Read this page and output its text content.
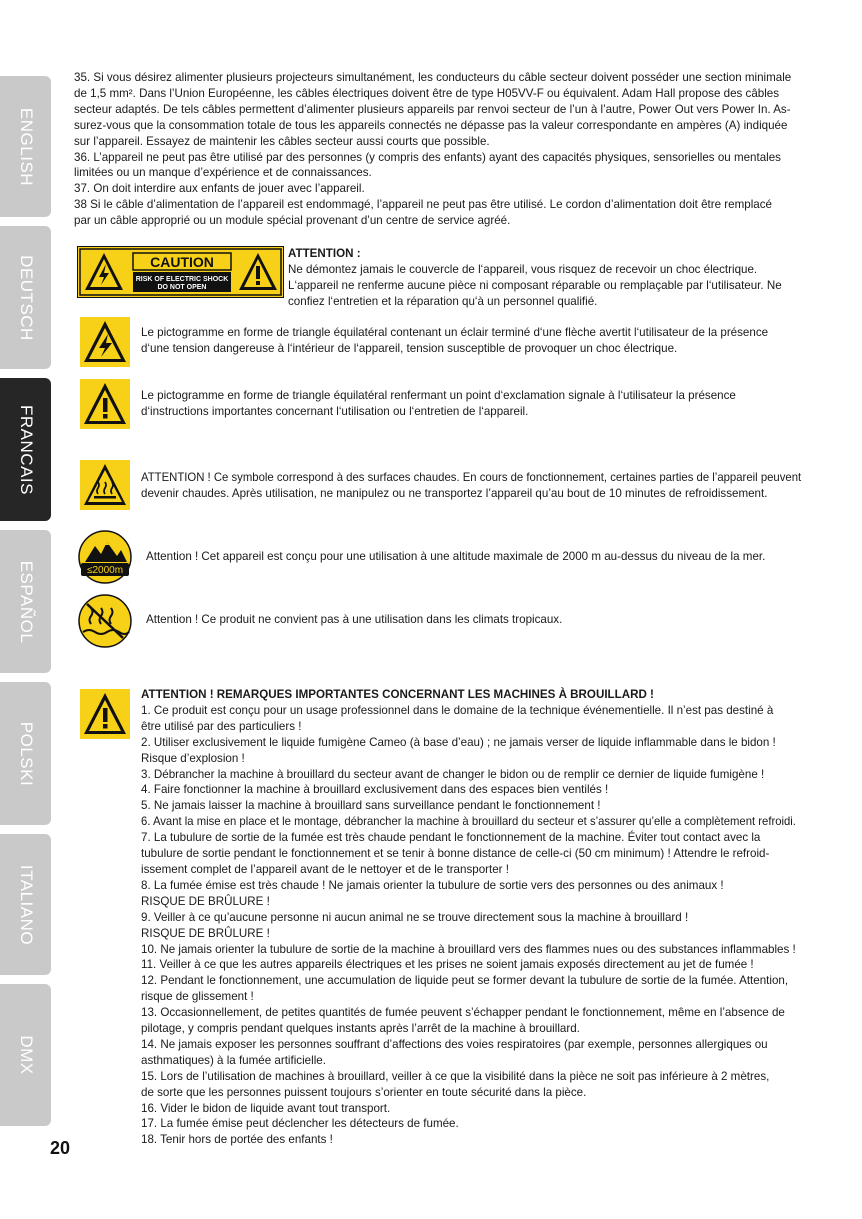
ENGLISH
DEUTSCH
FRANCAIS
ESPAÑOL
POLSKI
ITALIANO
DMX

35. Si vous désirez alimenter plusieurs projecteurs simultanément, les conducteurs du câble secteur doivent posséder une section minimale

de 1,5 mm². Dans l’Union Européenne, les câbles électriques doivent être de type H05VV-F ou équivalent. Adam Hall propose des câbles

secteur adaptés. De tels câbles permettent d’alimenter plusieurs appareils par renvoi secteur de l’un à l’autre, Power Out vers Power In. As-

surez-vous que la consommation totale de tous les appareils connectés ne dépasse pas la valeur correspondante en ampères (A) indiquée

sur l’appareil. Essayez de maintenir les câbles secteur aussi courts que possible.

36. L’appareil ne peut pas être utilisé par des personnes (y compris des enfants) ayant des capacités physiques, sensorielles ou mentales

limitées ou un manque d’expérience et de connaissances.

37. On doit interdire aux enfants de jouer avec l’appareil.

38 Si le câble d’alimentation de l’appareil est endommagé, l’appareil ne peut pas être utilisé. Le cordon d’alimentation doit être remplacé

par un câble approprié ou un module spécial provenant d’un centre de service agréé.

CAUTION
RISK OF ELECTRIC SHOCK
DO NOT OPEN
ATTENTION :
Ne démontez jamais le couvercle de l‘appareil, vous risquez de recevoir un choc électrique.
L‘appareil ne renferme aucune pièce ni composant réparable ou remplaçable par l‘utilisateur. Ne
confiez l‘entretien et la réparation qu‘à un personnel qualifié.
Le pictogramme en forme de triangle équilatéral contenant un éclair terminé d‘une flèche avertit l‘utilisateur de la présence
d‘une tension dangereuse à l‘intérieur de l‘appareil, tension susceptible de provoquer un choc électrique.
Le pictogramme en forme de triangle équilatéral renfermant un point d‘exclamation signale à l‘utilisateur la présence
d‘instructions importantes concernant l‘utilisation ou l‘entretien de l‘appareil.
ATTENTION ! Ce symbole correspond à des surfaces chaudes. En cours de fonctionnement, certaines parties de l’appareil peuvent
devenir chaudes. Après utilisation, ne manipulez ou ne transportez l’appareil qu’au bout de 10 minutes de refroidissement.
≤2000m
Attention ! Cet appareil est conçu pour une utilisation à une altitude maximale de 2000 m au-dessus du niveau de la mer.
Attention ! Ce produit ne convient pas à une utilisation dans les climats tropicaux.

ATTENTION ! REMARQUES IMPORTANTES CONCERNANT LES MACHINES À BROUILLARD !

1. Ce produit est conçu pour un usage professionnel dans le domaine de la technique événementielle. Il n’est pas destiné à

être utilisé par des particuliers !

2. Utiliser exclusivement le liquide fumigène Cameo (à base d’eau) ; ne jamais verser de liquide inflammable dans le bidon !

Risque d’explosion !

3. Débrancher la machine à brouillard du secteur avant de changer le bidon ou de remplir ce dernier de liquide fumigène !

4. Faire fonctionner la machine à brouillard exclusivement dans des espaces bien ventilés !

5. Ne jamais laisser la machine à brouillard sans surveillance pendant le fonctionnement !

6. Avant la mise en place et le montage, débrancher la machine à brouillard du secteur et s’assurer qu’elle a complètement refroidi.

7. La tubulure de sortie de la fumée est très chaude pendant le fonctionnement de la machine. Éviter tout contact avec la

tubulure de sortie pendant le fonctionnement et se tenir à bonne distance de celle-ci (50 cm minimum) ! Attendre le refroid-

issement complet de l’appareil avant de le nettoyer et de le transporter !

8. La fumée émise est très chaude ! Ne jamais orienter la tubulure de sortie vers des personnes ou des animaux !

RISQUE DE BRÛLURE !

9. Veiller à ce qu’aucune personne ni aucun animal ne se trouve directement sous la machine à brouillard !

RISQUE DE BRÛLURE !

10. Ne jamais orienter la tubulure de sortie de la machine à brouillard vers des flammes nues ou des substances inflammables !

11. Veiller à ce que les autres appareils électriques et les prises ne soient jamais exposés directement au jet de fumée !

12. Pendant le fonctionnement, une accumulation de liquide peut se former devant la tubulure de sortie de la fumée. Attention,

risque de glissement !

13. Occasionnellement, de petites quantités de fumée peuvent s’échapper pendant le fonctionnement, même en l’absence de

pilotage, y compris pendant quelques instants après l’arrêt de la machine à brouillard.

14. Ne jamais exposer les personnes souffrant d’affections des voies respiratoires (par exemple, personnes allergiques ou

asthmatiques) à la fumée artificielle.

15. Lors de l’utilisation de machines à brouillard, veiller à ce que la visibilité dans la pièce ne soit pas inférieure à 2 mètres,

de sorte que les personnes puissent toujours s’orienter en toute sécurité dans la pièce.

16. Vider le bidon de liquide avant tout transport.

17. La fumée émise peut déclencher les détecteurs de fumée.

18. Tenir hors de portée des enfants !

20
